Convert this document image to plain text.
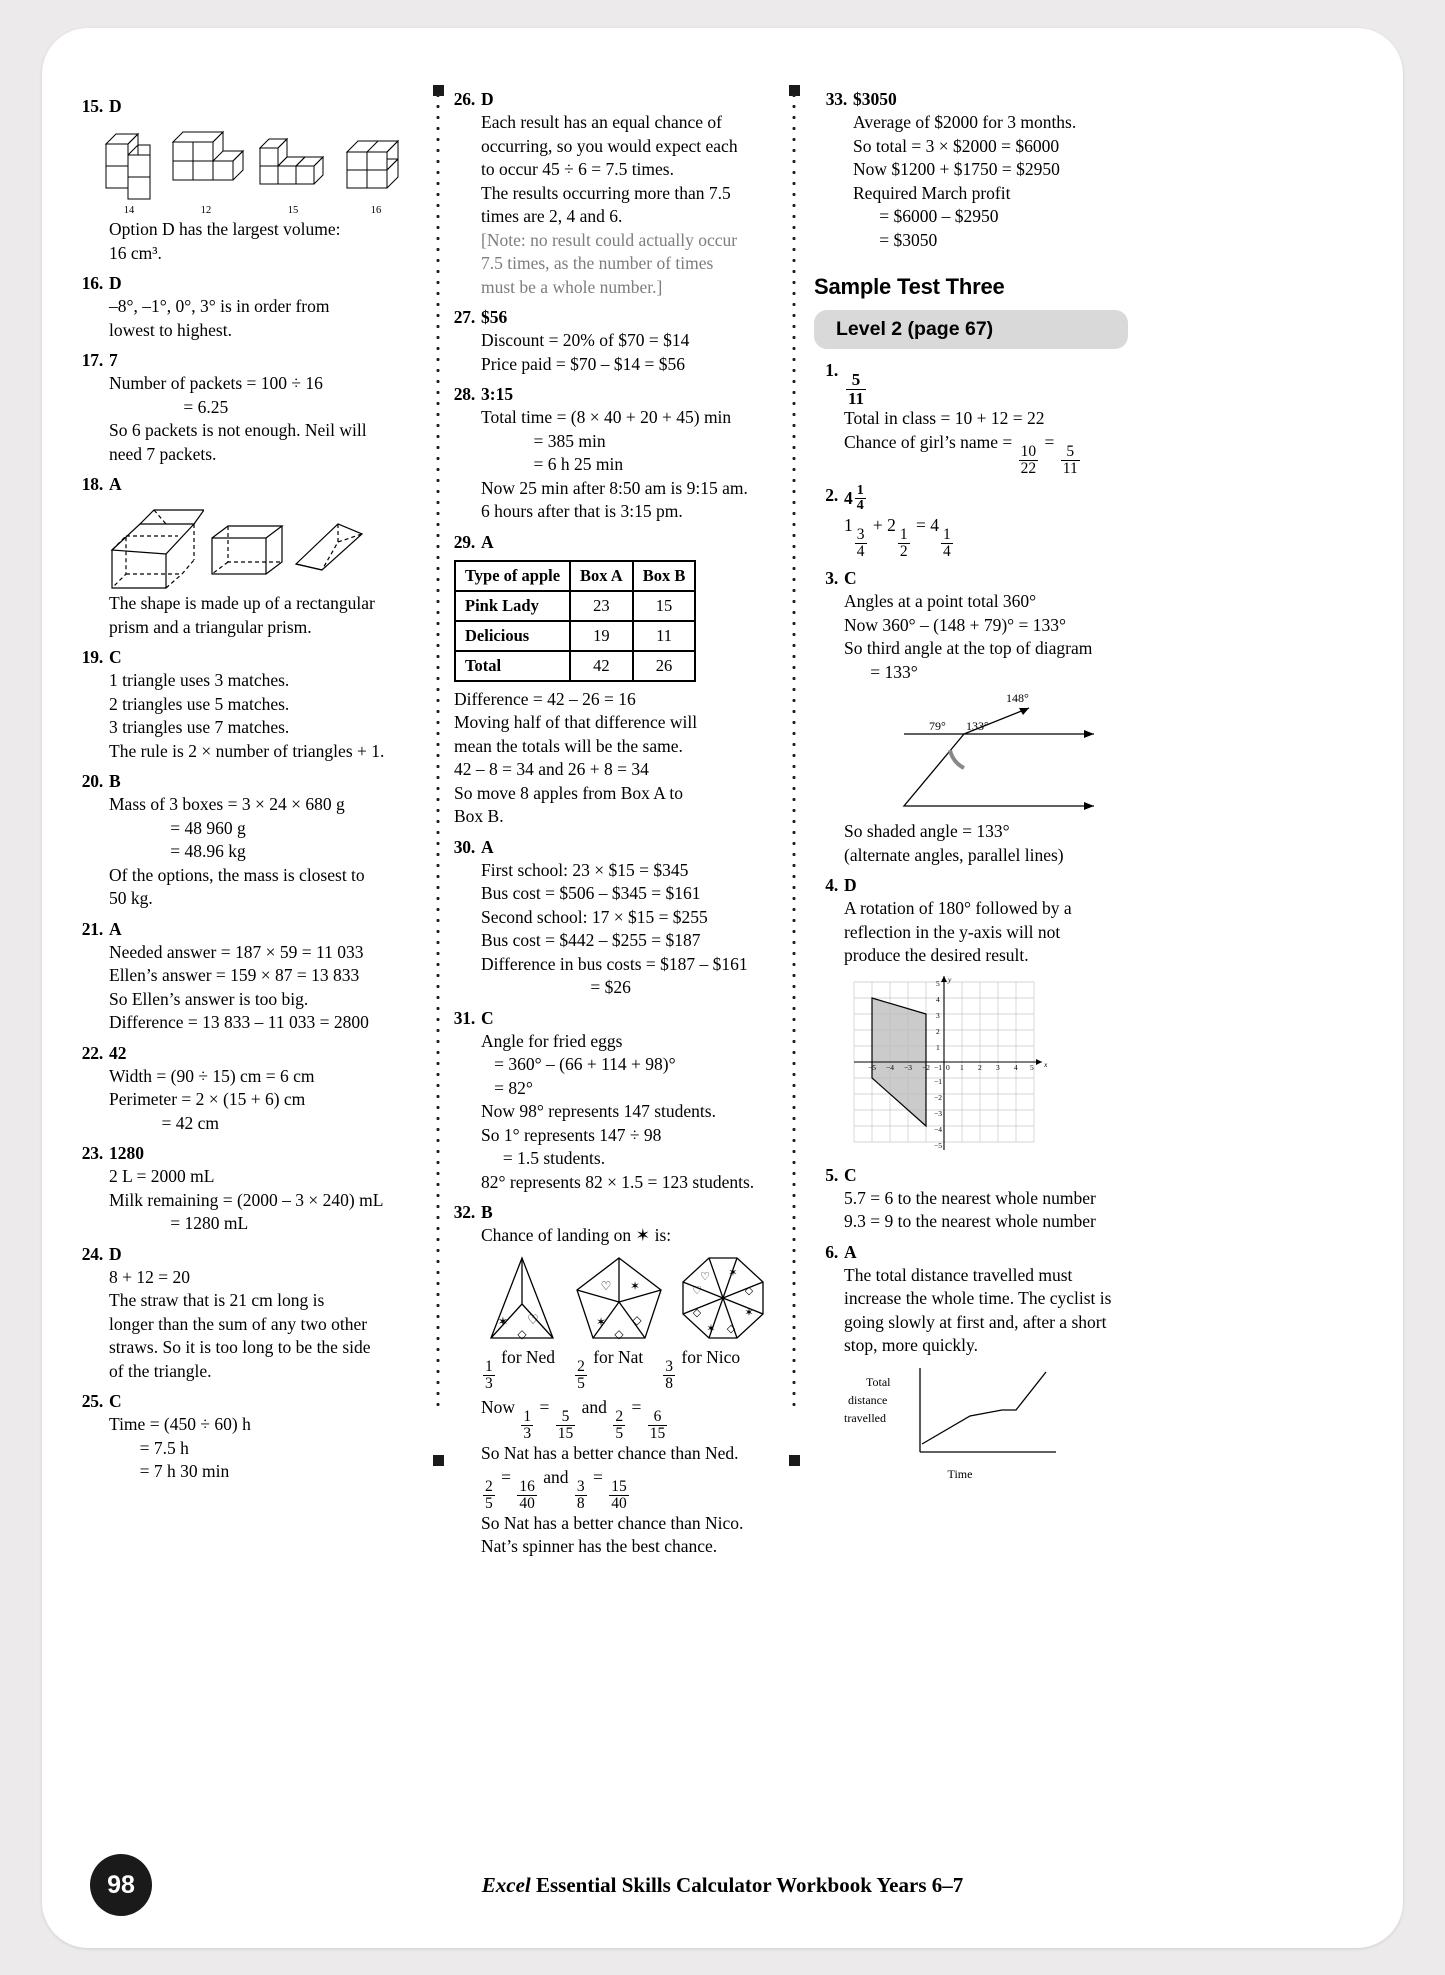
15. D
14	12	15	16
Option D has the largest volume:
16 cm³.
16. D
–8°, –1°, 0°, 3° is in order from
lowest to highest.
17. 7
Number of packets = 100 ÷ 16
= 6.25
So 6 packets is not enough. Neil will
need 7 packets.
18. A
The shape is made up of a rectangular
prism and a triangular prism.
19. C
1 triangle uses 3 matches.
2 triangles use 5 matches.
3 triangles use 7 matches.
The rule is 2 × number of triangles + 1.
20. B
Mass of 3 boxes = 3 × 24 × 680 g
= 48 960 g
= 48.96 kg
Of the options, the mass is closest to
50 kg.
21. A
Needed answer = 187 × 59 = 11 033
Ellen’s answer = 159 × 87 = 13 833
So Ellen’s answer is too big.
Difference = 13 833 – 11 033 = 2800
22. 42
Width = (90 ÷ 15) cm = 6 cm
Perimeter = 2 × (15 + 6) cm
= 42 cm
23. 1280
2 L = 2000 mL
Milk remaining = (2000 – 3 × 240) mL
= 1280 mL
24. D
8 + 12 = 20
The straw that is 21 cm long is
longer than the sum of any two other
straws. So it is too long to be the side
of the triangle.
25. C
Time = (450 ÷ 60) h
= 7.5 h
= 7 h 30 min
26. D
Each result has an equal chance of
occurring, so you would expect each
to occur 45 ÷ 6 = 7.5 times.
The results occurring more than 7.5
times are 2, 4 and 6.
[Note: no result could actually occur
7.5 times, as the number of times
must be a whole number.]
27. $56
Discount = 20% of $70 = $14
Price paid = $70 – $14 = $56
28. 3:15
Total time = (8 × 40 + 20 + 45) min
= 385 min
= 6 h 25 min
Now 25 min after 8:50 am is 9:15 am.
6 hours after that is 3:15 pm.
29. A
Type of apple	Box A	Box B
Pink Lady	23	15
Delicious	19	11
Total	42	26
Difference = 42 – 26 = 16
Moving half of that difference will
mean the totals will be the same.
42 – 8 = 34 and 26 + 8 = 34
So move 8 apples from Box A to
Box B.
30. A
First school: 23 × $15 = $345
Bus cost = $506 – $345 = $161
Second school: 17 × $15 = $255
Bus cost = $442 – $255 = $187
Difference in bus costs = $187 – $161
= $26
31. C
Angle for fried eggs
= 360° – (66 + 114 + 98)°
= 82°
Now 98° represents 147 students.
So 1° represents 147 ÷ 98
= 1.5 students.
82° represents 82 × 1.5 = 123 students.
32. B
Chance of landing on ✶ is:
✶ ♡
◇
♡ ✶
✶ ◇
◇
♡ ✶
◇
✶
◇
✶
◇
♡
$\frac{1}{3}$
for Ned
$\frac{2}{5}$
for Nat
$\frac{3}{8}$
for Nico
Now
$\frac{1}{3}$
=
$\frac{5}{15}$
and
$\frac{2}{5}$
=
$\frac{6}{15}$
So Nat has a better chance than Ned.
$\frac{2}{5}$
=
$\frac{16}{40}$
and
$\frac{3}{8}$
=
$\frac{15}{40}$
So Nat has a better chance than Nico.
Nat’s spinner has the best chance.
33. $3050
Average of $2000 for 3 months.
So total = 3 × $2000 = $6000
Now $1200 + $1750 = $2950
Required March profit
= $6000 – $2950
= $3050
Sample Test Three
Level 2 (page 67)
1.
$\frac{5}{11}$
Total in class = 10 + 12 = 22
Chance of girl’s name =
$\frac{10}{22}$
=
$\frac{5}{11}$
2. $4 \frac{1}{4}$
1
$\frac{3}{4}$
+ 2
$\frac{1}{2}$
= 4
$\frac{1}{4}$
3. C
Angles at a point total 360°
Now 360° – (148 + 79)° = 133°
So third angle at the top of diagram
= 133°
148°
79° 133°
So shaded angle = 133°
(alternate angles, parallel lines)
4. D
A rotation of 180° followed by a
reflection in the y-axis will not
produce the desired result.
−5 −4 −3 −2 −1 0 1 2 3 4 5
5
4
3
2
1
−1
−2
−3
−4
−5
x
y
5. C
5.7 = 6 to the nearest whole number
9.3 = 9 to the nearest whole number
6. A
The total distance travelled must
increase the whole time. The cyclist is
going slowly at first and, after a short
stop, more quickly.
Total
distance
travelled
Time
98	Excel Essential Skills Calculator Workbook Years 6–7
